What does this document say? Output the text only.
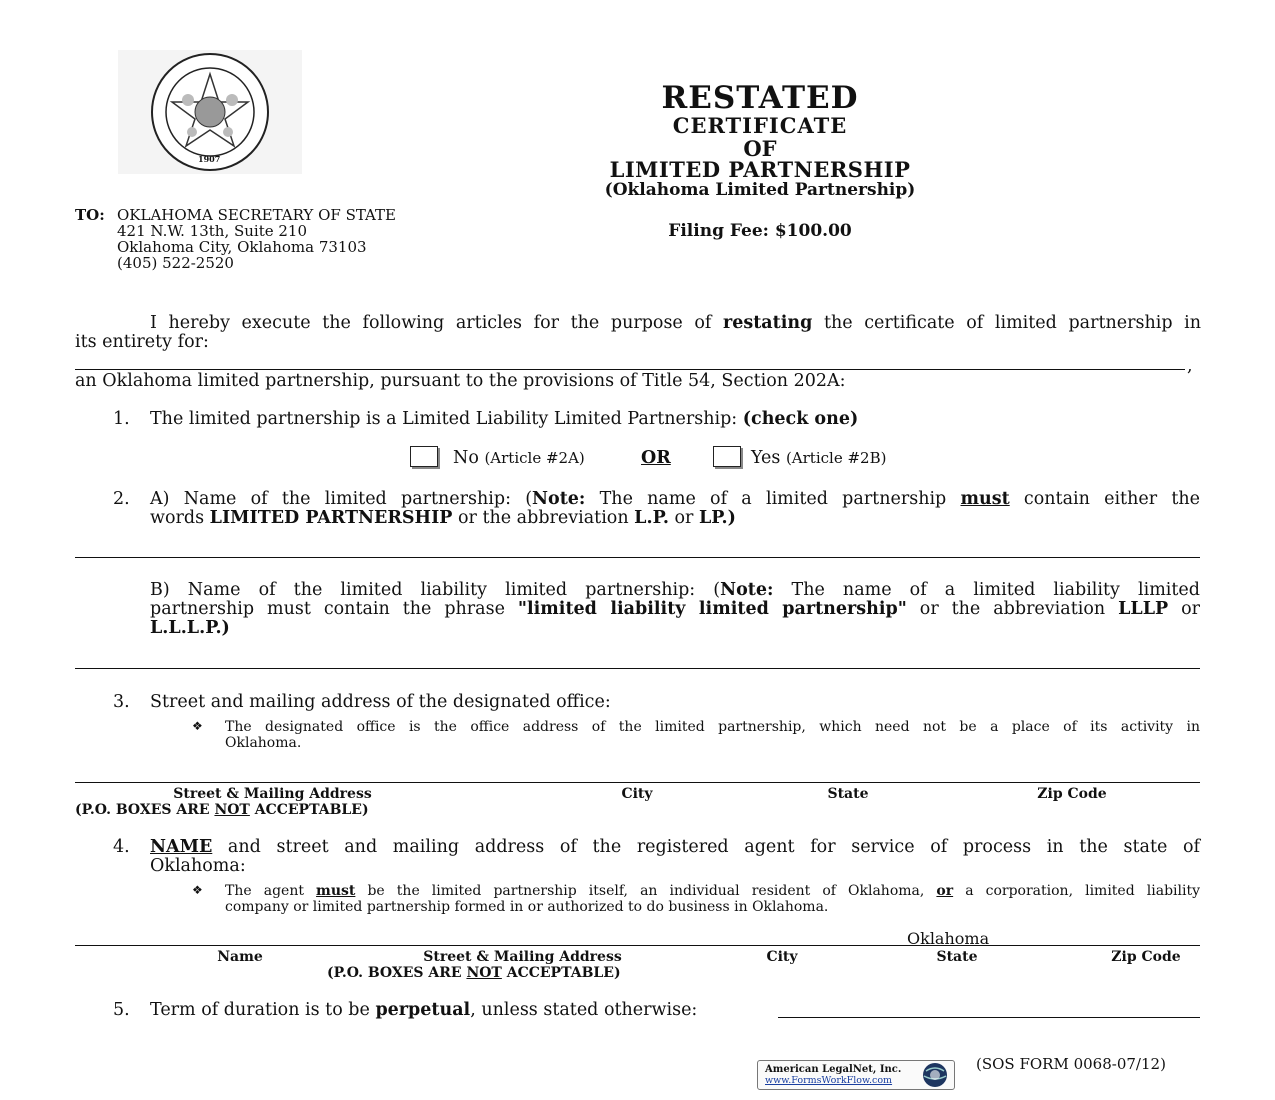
1907
RESTATED
CERTIFICATE
OF
LIMITED PARTNERSHIP
(Oklahoma Limited Partnership)
Filing Fee: $100.00
TO: OKLAHOMA SECRETARY OF STATE
421 N.W. 13th, Suite 210
Oklahoma City, Oklahoma 73103
(405) 522-2520
I hereby execute the following articles for the purpose of restating the certificate of limited partnership in
its entirety for:
,
an Oklahoma limited partnership, pursuant to the provisions of Title 54, Section 202A:
1. The limited partnership is a Limited Liability Limited Partnership: (check one)
No (Article #2A)	OR	Yes (Article #2B)
2. A) Name of the limited partnership: (Note: The name of a limited partnership must contain either the
words LIMITED PARTNERSHIP or the abbreviation L.P. or LP.)
B) Name of the limited liability limited partnership: (Note: The name of a limited liability limited
partnership must contain the phrase "limited liability limited partnership" or the abbreviation LLLP or
L.L.L.P.)
3. Street and mailing address of the designated office:
❖ The designated office is the office address of the limited partnership, which need not be a place of its activity in
Oklahoma.
Street & Mailing Address	City	State	Zip Code
(P.O. BOXES ARE NOT ACCEPTABLE)
4. NAME and street and mailing address of the registered agent for service of process in the state of
Oklahoma:
❖ The agent must be the limited partnership itself, an individual resident of Oklahoma, or a corporation, limited liability
company or limited partnership formed in or authorized to do business in Oklahoma.
Oklahoma
Name	Street & Mailing Address	City	State	Zip Code
(P.O. BOXES ARE NOT ACCEPTABLE)
5. Term of duration is to be perpetual, unless stated otherwise:
American LegalNet, Inc.
www.FormsWorkFlow.com
(SOS FORM 0068-07/12)
